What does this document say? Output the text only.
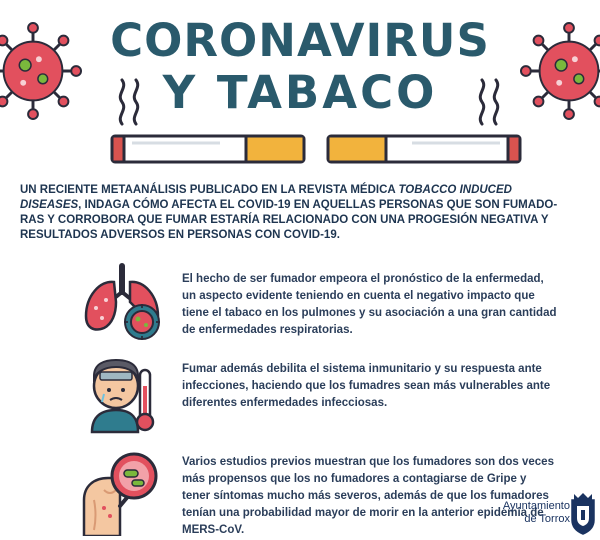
CORONAVIRUS
Y TABACO
UN RECIENTE METAANÁLISIS PUBLICADO EN LA REVISTA MÉDICA TOBACCO INDUCED
DISEASES, INDAGA CÓMO AFECTA EL COVID-19 EN AQUELLAS PERSONAS QUE SON FUMADO-
RAS Y CORROBORA QUE FUMAR ESTARÍA RELACIONADO CON UNA PROGESIÓN NEGATIVA Y
RESULTADOS ADVERSOS EN PERSONAS CON COVID-19.
El hecho de ser fumador empeora el pronóstico de la enfermedad,
un aspecto evidente teniendo en cuenta el negativo impacto que
tiene el tabaco en los pulmones y su asociación a una gran cantidad
de enfermedades respiratorias.
Fumar además debilita el sistema inmunitario y su respuesta ante
infecciones, haciendo que los fumadres sean más vulnerables ante
diferentes enfermedades infecciosas.
Varios estudios previos muestran que los fumadores son dos veces
más propensos que los no fumadores a contagiarse de Gripe y
tener síntomas mucho más severos, además de que los fumadores
tenían una probabilidad mayor de morir en la anterior epidemia de
MERS-CoV.
Ayuntamiento
de Torrox
